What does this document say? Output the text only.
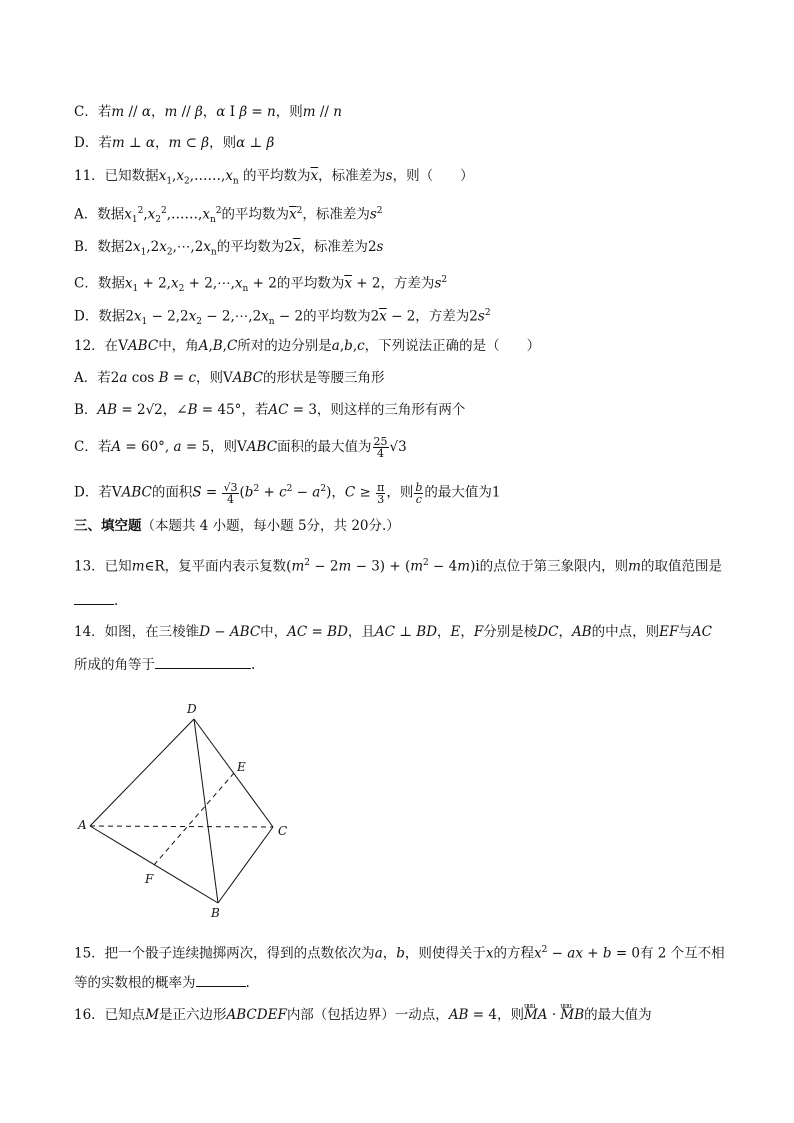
C．若m // α，m // β，α I β = n，则m // n
D．若m ⊥ α，m ⊂ β，则α ⊥ β
11．已知数据$x_1,x_2,\dots\dots,x_n$ 的平均数为$\overline{x}$，标准差为s，则（　　）
A．数据$x_1^2,x_2^2,\dots\dots,x_n^2$的平均数为$\overline{x}^2$，标准差为$s^2$
B．数据$2x_1,2x_2,\cdots,2x_n$的平均数为$2\overline{x}$，标准差为2s
C．数据$x_1 + 2,x_2$ + $2,\cdots,x_n + 2$的平均数为$\overline{x} + 2$，方差为$s^2$
D．数据$2x_1 - 2,2x_2$ − $2,\cdots,2x_n - 2$的平均数为$2\overline{x} - 2$，方差为$2s^2$
12．在VABC中，角A,B,C所对的边分别是a,b,c，下列说法正确的是（　　）
A．若2a cos B = c，则VABC的形状是等腰三角形
B．AB = 2√2，∠B = 45°，若AC = 3，则这样的三角形有两个
C．若A = 60°, a = 5，则VABC面积的最大值为 $\frac{25}{4} √3$
D．若VABC的面积$S = \frac{√3}{4} (b^2 + c^2 - a^2)$，$C \ge \frac{\pi}{3}$ ，则 $\frac{b}{c}$ 的最大值为1
三、填空题（本题共 4 小题，每小题 5分，共 20分.）
13．已知m∈R，复平面内表示复数$(m^2 - 2m - 3) + (m^2 - 4m)i$的点位于第三象限内，则m的取值范围是
.
14．如图，在三棱锥D − ABC中，AC = BD，且AC ⊥ BD，E，F分别是棱DC，AB的中点，则EF与AC
所成的角等于	.
D
E
A	C
F
B
15．把一个骰子连续抛掷两次，得到的点数依次为a，b，则使得关于x的方程$x^2$ − ax + b = 0有 2 个互不相
等的实数根的概率为	.
16．已知点M是正六边形ABCDEF内部（包括边界）一动点，AB = 4，则uuu MA · uuu MB的最大值为
